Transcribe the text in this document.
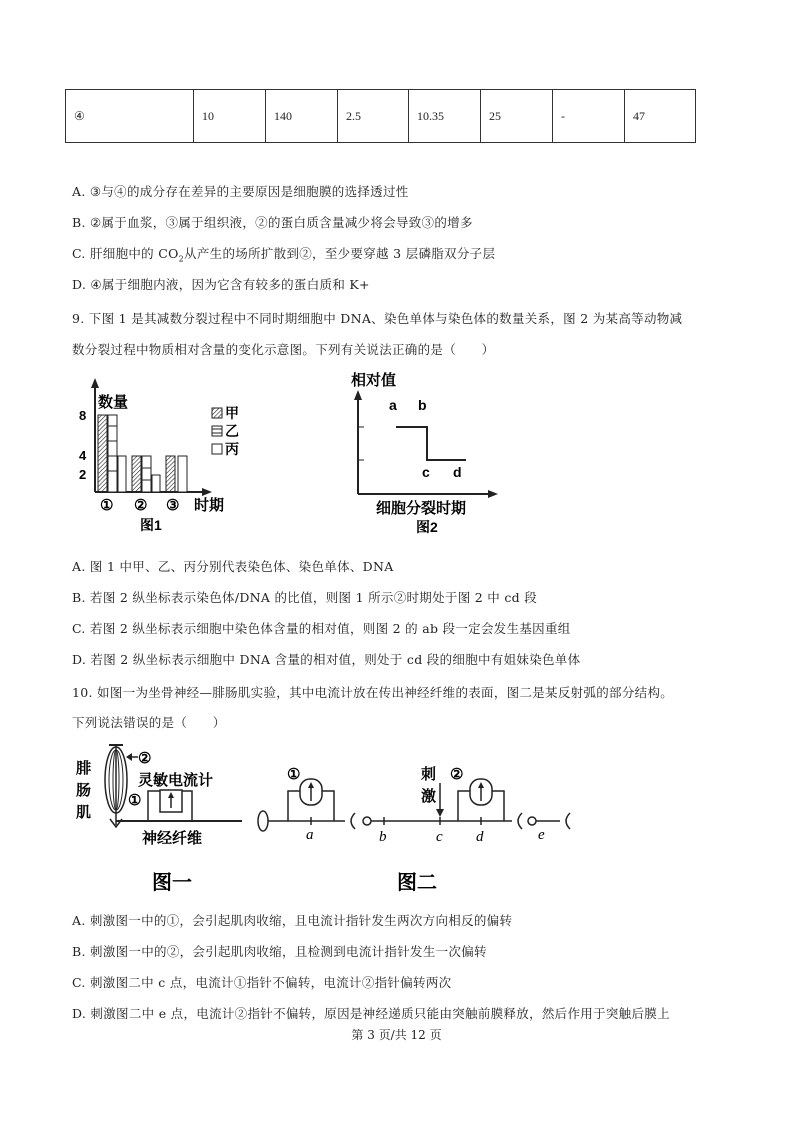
④	10	140	2.5	10.35	25	-	47
A. ③与④的成分存在差异的主要原因是细胞膜的选择透过性
B. ②属于血浆，③属于组织液，②的蛋白质含量减少将会导致③的增多
C. 肝细胞中的 $CO_2$从产生的场所扩散到②，至少要穿越 3 层磷脂双分子层
D. ④属于细胞内液，因为它含有较多的蛋白质和 K+
9. 下图 1 是其减数分裂过程中不同时期细胞中 DNA、染色单体与染色体的数量关系，图 2 为某高等动物减
数分裂过程中物质相对含量的变化示意图。下列有关说法正确的是（　　）
数量
8
4
2
甲
乙
丙
① ② ③ 时期
图1
相对值
a b
c d
细胞分裂时期
图2
A. 图 1 中甲、乙、丙分别代表染色体、染色单体、DNA
B. 若图 2 纵坐标表示染色体/DNA 的比值，则图 1 所示②时期处于图 2 中 cd 段
C. 若图 2 纵坐标表示细胞中染色体含量的相对值，则图 2 的 ab 段一定会发生基因重组
D. 若图 2 纵坐标表示细胞中 DNA 含量的相对值，则处于 cd 段的细胞中有姐妹染色单体
10. 如图一为坐骨神经—腓肠肌实验，其中电流计放在传出神经纤维的表面，图二是某反射弧的部分结构。
下列说法错误的是（　　）
腓
肠
肌
②
①
灵敏电流计
神经纤维
图一
①	②
刺
激
a	b	c d	e
图二
A. 刺激图一中的①，会引起肌肉收缩，且电流计指针发生两次方向相反的偏转
B. 刺激图一中的②，会引起肌肉收缩，且检测到电流计指针发生一次偏转
C. 刺激图二中 c 点，电流计①指针不偏转，电流计②指针偏转两次
D. 刺激图二中 e 点，电流计②指针不偏转，原因是神经递质只能由突触前膜释放，然后作用于突触后膜上
第 3 页/共 12 页
